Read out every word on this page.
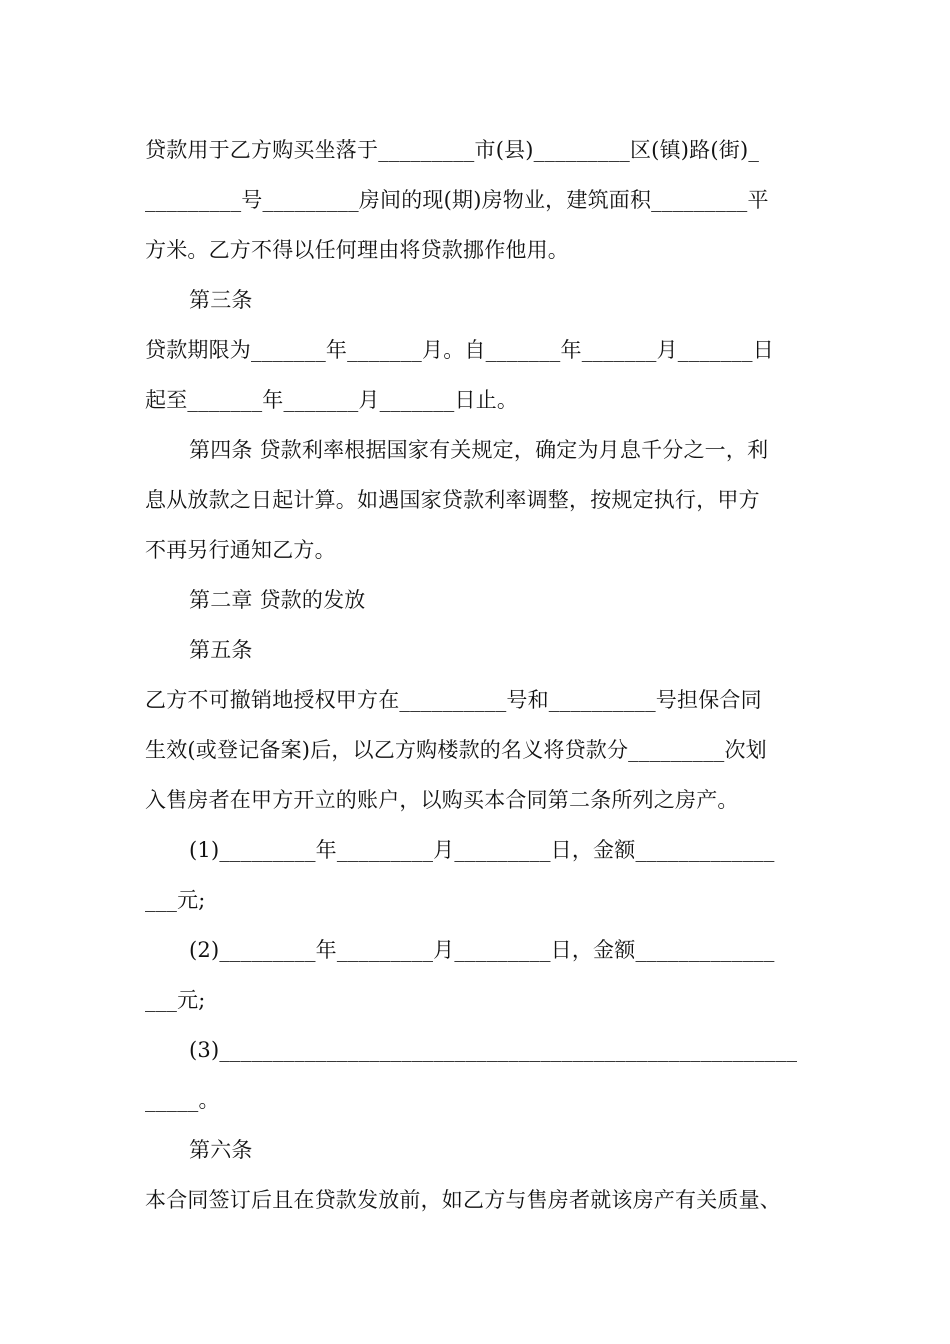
贷款用于乙方购买坐落于_________市(县)_________区(镇)路(街)_
_________号_________房间的现(期)房物业，建筑面积_________平
方米。乙方不得以任何理由将贷款挪作他用。
第三条
贷款期限为_______年_______月。自_______年_______月_______日
起至_______年_______月_______日止。
第四条 贷款利率根据国家有关规定，确定为月息千分之一，利
息从放款之日起计算。如遇国家贷款利率调整，按规定执行，甲方
不再另行通知乙方。
第二章 贷款的发放
第五条
乙方不可撤销地授权甲方在__________号和__________号担保合同
生效(或登记备案)后，以乙方购楼款的名义将贷款分_________次划
入售房者在甲方开立的账户，以购买本合同第二条所列之房产。
(1)_________年_________月_________日，金额_____________
___元;
(2)_________年_________月_________日，金额_____________
___元;
(3)______________________________________________________
_____。
第六条
本合同签订后且在贷款发放前，如乙方与售房者就该房产有关质量、
